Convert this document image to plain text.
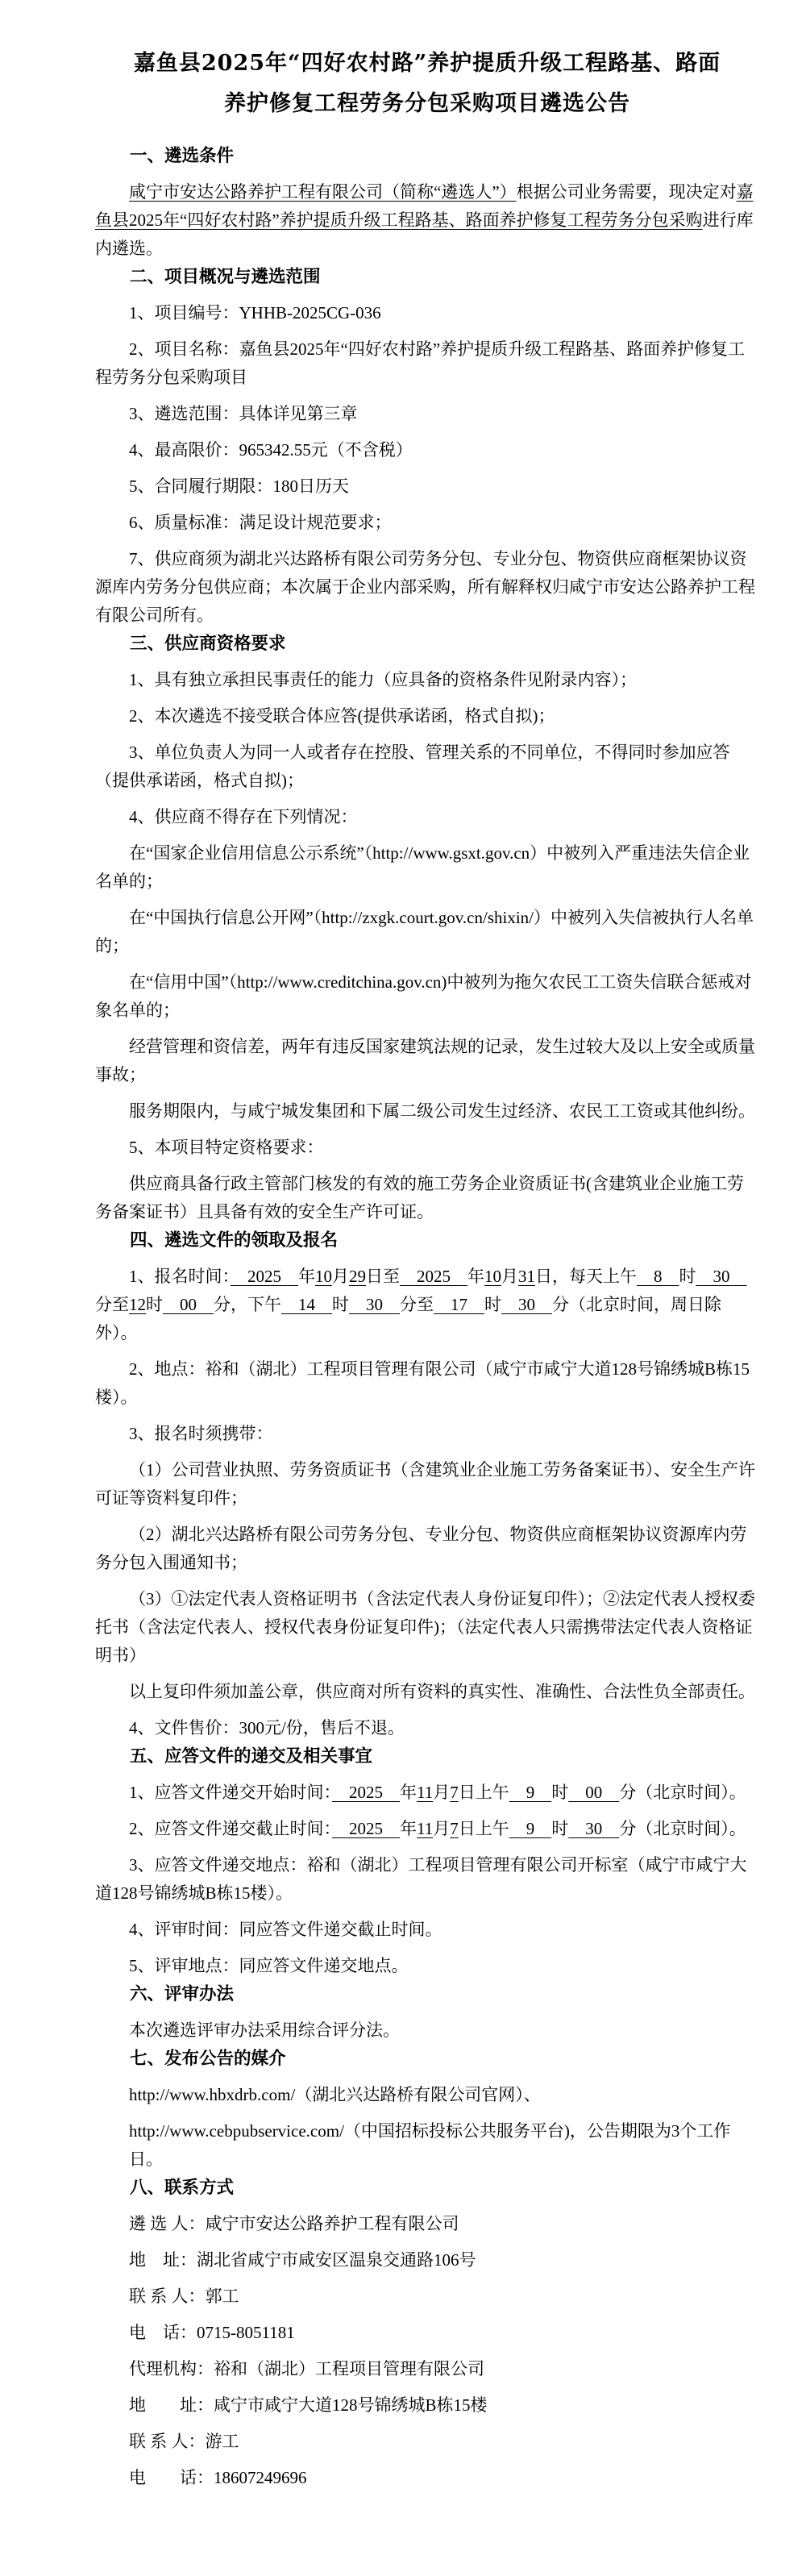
嘉鱼县2025年“四好农村路”养护提质升级工程路基、路面
养护修复工程劳务分包采购项目遴选公告

一、遴选条件

咸宁市安达公路养护工程有限公司（简称“遴选人”）根据公司业务需要，现决定对嘉鱼县2025年“四好农村路”养护提质升级工程路基、路面养护修复工程劳务分包采购进行库内遴选。

二、项目概况与遴选范围

1、项目编号：YHHB-2025CG-036

2、项目名称：嘉鱼县2025年“四好农村路”养护提质升级工程路基、路面养护修复工程劳务分包采购项目

3、遴选范围：具体详见第三章

4、最高限价：965342.55元（不含税）

5、合同履行期限：180日历天

6、质量标准：满足设计规范要求；

7、供应商须为湖北兴达路桥有限公司劳务分包、专业分包、物资供应商框架协议资源库内劳务分包供应商；本次属于企业内部采购，所有解释权归咸宁市安达公路养护工程有限公司所有。

三、供应商资格要求

1、具有独立承担民事责任的能力（应具备的资格条件见附录内容）；

2、本次遴选不接受联合体应答(提供承诺函，格式自拟)；

3、单位负责人为同一人或者存在控股、管理关系的不同单位，不得同时参加应答（提供承诺函，格式自拟)；

4、供应商不得存在下列情况：

在“国家企业信用信息公示系统”（http://www.gsxt.gov.cn）中被列入严重违法失信企业名单的；

在“中国执行信息公开网”（http://zxgk.court.gov.cn/shixin/）中被列入失信被执行人名单的；

在“信用中国”（http://www.creditchina.gov.cn)中被列为拖欠农民工工资失信联合惩戒对象名单的；

经营管理和资信差，两年有违反国家建筑法规的记录，发生过较大及以上安全或质量事故；

服务期限内，与咸宁城发集团和下属二级公司发生过经济、农民工工资或其他纠纷。

5、本项目特定资格要求：

供应商具备行政主管部门核发的有效的施工劳务企业资质证书(含建筑业企业施工劳务备案证书）且具备有效的安全生产许可证。

四、遴选文件的领取及报名

1、报名时间：　2025　年10月29日至　2025　年10月31日，每天上午　8　时　30　分至12时　00　分，下午　14　时　30　分至　17　时　30　分（北京时间，周日除外）。

2、地点：裕和（湖北）工程项目管理有限公司（咸宁市咸宁大道128号锦绣城B栋15楼）。

3、报名时须携带：

（1）公司营业执照、劳务资质证书（含建筑业企业施工劳务备案证书）、安全生产许可证等资料复印件；

（2）湖北兴达路桥有限公司劳务分包、专业分包、物资供应商框架协议资源库内劳务分包入围通知书；

（3）①法定代表人资格证明书（含法定代表人身份证复印件）；②法定代表人授权委托书（含法定代表人、授权代表身份证复印件)；（法定代表人只需携带法定代表人资格证明书）

以上复印件须加盖公章，供应商对所有资料的真实性、准确性、合法性负全部责任。

4、文件售价：300元/份，售后不退。

五、应答文件的递交及相关事宜

1、应答文件递交开始时间：　2025　年11月7日上午　9　时　00　分（北京时间）。

2、应答文件递交截止时间：　2025　年11月7日上午　9　时　30　分（北京时间）。

3、应答文件递交地点：裕和（湖北）工程项目管理有限公司开标室（咸宁市咸宁大道128号锦绣城B栋15楼）。

4、评审时间：同应答文件递交截止时间。

5、评审地点：同应答文件递交地点。

六、评审办法

本次遴选评审办法采用综合评分法。

七、发布公告的媒介

http://www.hbxdrb.com/（湖北兴达路桥有限公司官网）、

http://www.cebpubservice.com/（中国招标投标公共服务平台)，公告期限为3个工作日。

八、联系方式

遴 选 人：咸宁市安达公路养护工程有限公司

地　址：湖北省咸宁市咸安区温泉交通路106号

联 系 人：郭工

电　话：0715-8051181

代理机构：裕和（湖北）工程项目管理有限公司

地　　址：咸宁市咸宁大道128号锦绣城B栋15楼

联 系 人：游工

电　　话：18607249696
